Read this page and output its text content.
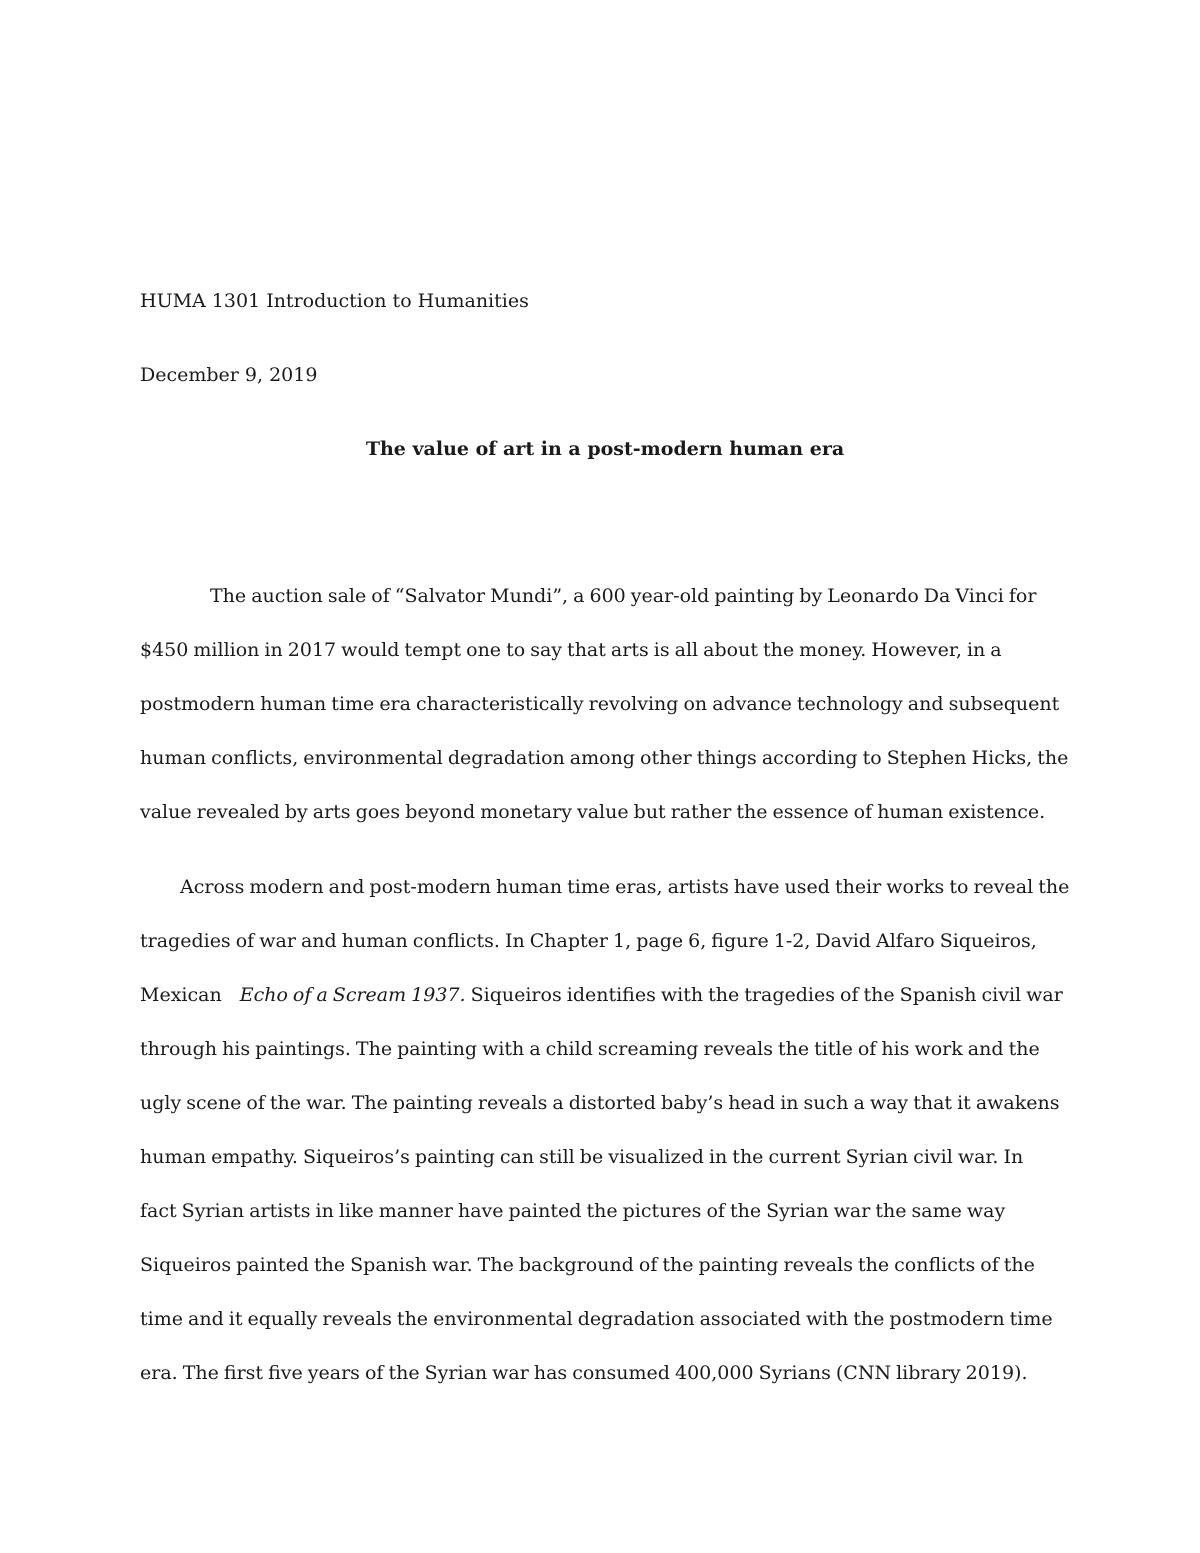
HUMA 1301 Introduction to Humanities
December 9, 2019
The value of art in a post-modern human era
The auction sale of “Salvator Mundi”, a 600 year-old painting by Leonardo Da Vinci for
$450 million in 2017 would tempt one to say that arts is all about the money. However, in a
postmodern human time era characteristically revolving on advance technology and subsequent
human conflicts, environmental degradation among other things according to Stephen Hicks, the
value revealed by arts goes beyond monetary value but rather the essence of human existence.
Across modern and post-modern human time eras, artists have used their works to reveal the
tragedies of war and human conflicts. In Chapter 1, page 6, figure 1-2, David Alfaro Siqueiros,
Mexican Echo of a Scream 1937. Siqueiros identifies with the tragedies of the Spanish civil war
through his paintings. The painting with a child screaming reveals the title of his work and the
ugly scene of the war. The painting reveals a distorted baby’s head in such a way that it awakens
human empathy. Siqueiros’s painting can still be visualized in the current Syrian civil war. In
fact Syrian artists in like manner have painted the pictures of the Syrian war the same way
Siqueiros painted the Spanish war. The background of the painting reveals the conflicts of the
time and it equally reveals the environmental degradation associated with the postmodern time
era. The first five years of the Syrian war has consumed 400,000 Syrians (CNN library 2019).
